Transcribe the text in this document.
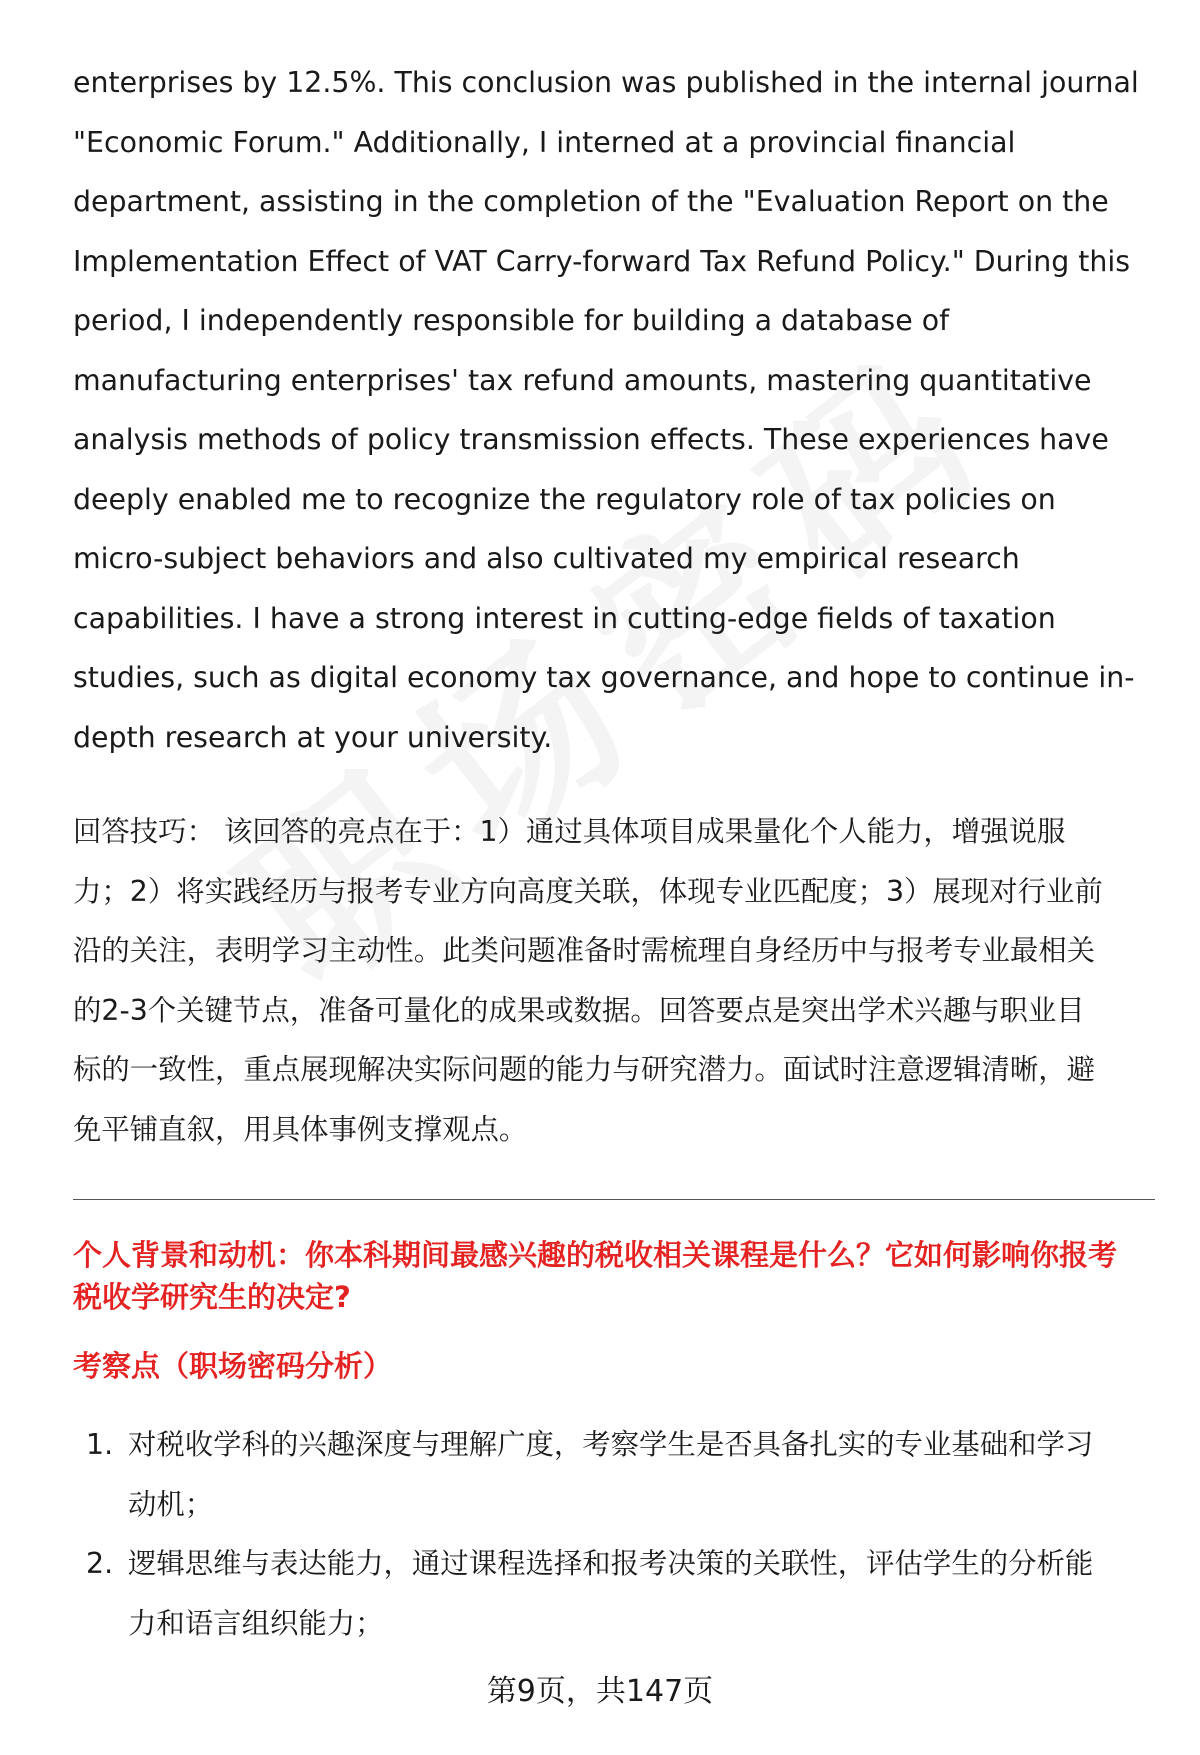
enterprises by 12.5%. This conclusion was published in the internal journal
"Economic Forum." Additionally, I interned at a provincial financial
department, assisting in the completion of the "Evaluation Report on the
Implementation Effect of VAT Carry-forward Tax Refund Policy." During this
period, I independently responsible for building a database of
manufacturing enterprises' tax refund amounts, mastering quantitative
analysis methods of policy transmission effects. These experiences have
deeply enabled me to recognize the regulatory role of tax policies on
micro-subject behaviors and also cultivated my empirical research
capabilities. I have a strong interest in cutting-edge fields of taxation
studies, such as digital economy tax governance, and hope to continue in-
depth research at your university.
回答技巧： 该回答的亮点在于：1）通过具体项目成果量化个人能力，增强说服
力；2）将实践经历与报考专业方向高度关联，体现专业匹配度；3）展现对行业前
沿的关注，表明学习主动性。此类问题准备时需梳理自身经历中与报考专业最相关
的2-3个关键节点，准备可量化的成果或数据。回答要点是突出学术兴趣与职业目
标的一致性，重点展现解决实际问题的能力与研究潜力。面试时注意逻辑清晰，避
免平铺直叙，用具体事例支撑观点。
个人背景和动机：你本科期间最感兴趣的税收相关课程是什么？它如何影响你报考
税收学研究生的决定?
考察点（职场密码分析）
1. 对税收学科的兴趣深度与理解广度，考察学生是否具备扎实的专业基础和学习
动机；
2. 逻辑思维与表达能力，通过课程选择和报考决策的关联性，评估学生的分析能
力和语言组织能力；
第9页，共147页
